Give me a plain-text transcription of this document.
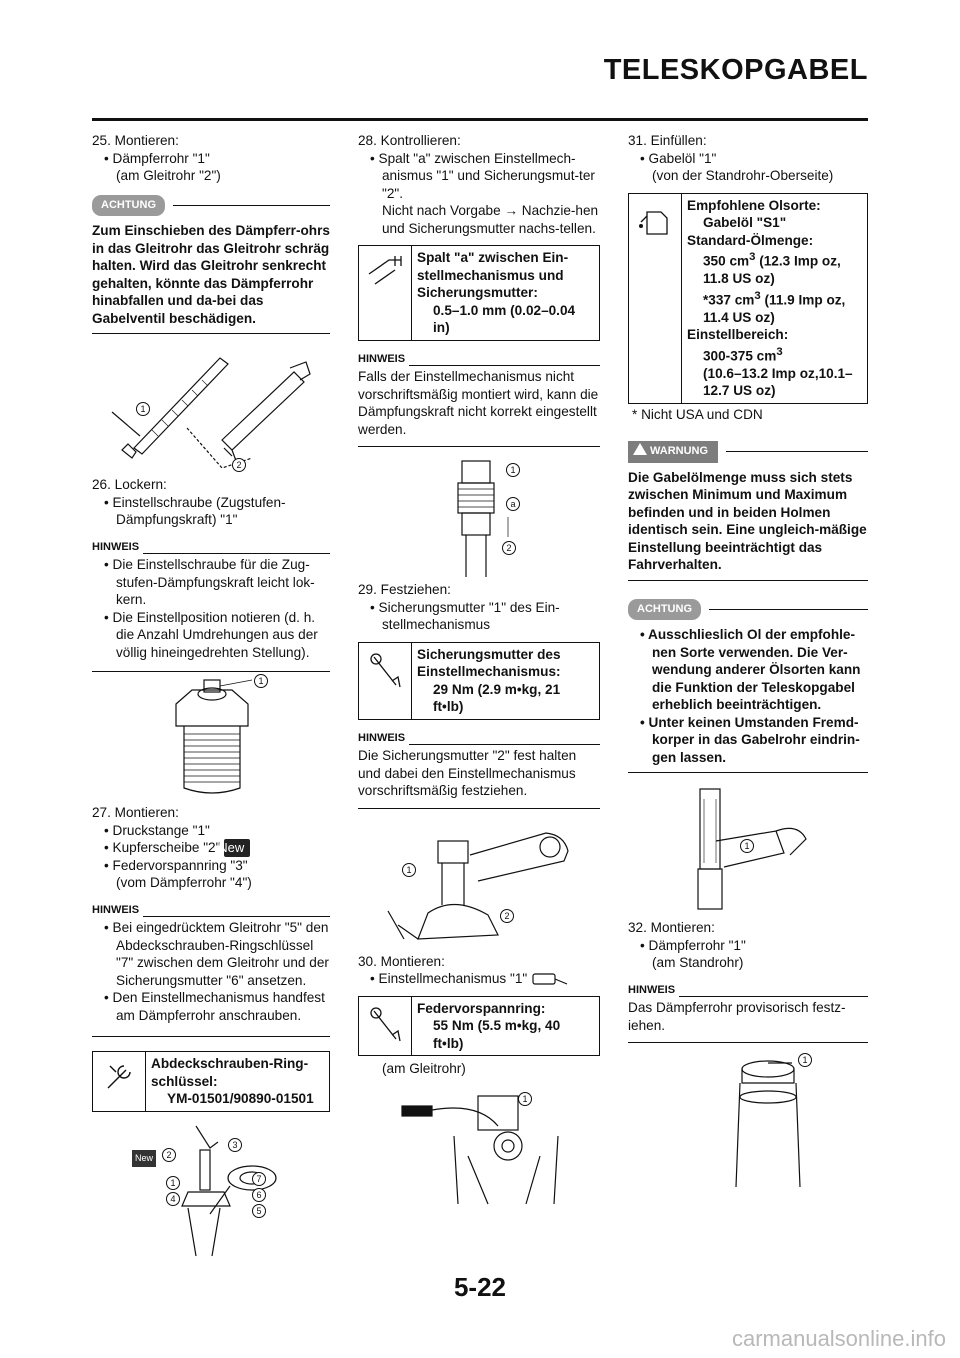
TELESKOPGABEL

25. Montieren:

• Dämpferrohr "1"

(am Gleitrohr "2")

ACHTUNG
Zum Einschieben des Dämpferr-ohrs in das Gleitrohr das Gleitrohr schräg halten. Wird das Gleitrohr senkrecht gehalten, könnte das Dämpferrohr hinabfallen und da-bei das Gabelventil beschädigen.
1
2

26. Lockern:

• Einstellschraube (Zugstufen-Dämpfungskraft) "1"

HINWEIS

• Die Einstellschraube für die Zug-stufen-Dämpfungskraft leicht lok-kern.

• Die Einstellposition notieren (d. h. die Anzahl Umdrehungen aus der völlig hineingedrehten Stellung).

1

27. Montieren:

• Druckstange "1"

• Kupferscheibe "2" New

• Federvorspannring "3"

(vom Dämpferrohr "4")

HINWEIS

• Bei eingedrücktem Gleitrohr "5" den Abdeckschrauben-Ringschlüssel "7" zwischen dem Gleitrohr und der Sicherungsmutter "6" ansetzen.

• Den Einstellmechanismus handfest am Dämpferrohr anschrauben.

Abdeckschrauben-Ring-schlüssel:
YM-01501/90890-01501
New	2
3
1	7
4	6
5

28. Kontrollieren:

• Spalt "a" zwischen Einstellmech-anismus "1" und Sicherungsmut-ter "2".

Nicht nach Vorgabe → Nachzie-hen und Sicherungsmutter nachs-tellen.

Spalt "a" zwischen Ein-stellmechanismus und Sicherungsmutter:
0.5–1.0 mm (0.02–0.04 in)
HINWEIS
Falls der Einstellmechanismus nicht vorschriftsmäßig montiert wird, kann die Dämpfungskraft nicht korrekt eingestellt werden.
1
a
2

29. Festziehen:

• Sicherungsmutter "1" des Ein-stellmechanismus

Sicherungsmutter des Einstellmechanismus:
29 Nm (2.9 m•kg, 21 ft•lb)
HINWEIS
Die Sicherungsmutter "2" fest halten und dabei den Einstellmechanismus vorschriftsmäßig festziehen.
1
2

30. Montieren:

• Einstellmechanismus "1"

Federvorspannring:
55 Nm (5.5 m•kg, 40 ft•lb)

(am Gleitrohr)

1

31. Einfüllen:

• Gabelöl "1"

(von der Standrohr-Oberseite)

Empfohlene Olsorte:
Gabelöl "S1"
Standard-Ölmenge:
350 $cm^3$ (12.3 Imp oz, 11.8 US oz)
*337 $cm^3$ (11.9 Imp oz, 11.4 US oz)
Einstellbereich:
300-375 $cm^3$
(10.6–13.2 Imp oz,10.1–12.7 US oz)

* Nicht USA und CDN

WARNUNG
Die Gabelölmenge muss sich stets zwischen Minimum und Maximum befinden und in beiden Holmen identisch sein. Eine ungleich-mäßige Einstellung beeinträchtigt das Fahrverhalten.
ACHTUNG

• Ausschlieslich Ol der empfohle-nen Sorte verwenden. Die Ver-wendung anderer Ölsorten kann die Funktion der Teleskopgabel erheblich beeinträchtigen.

• Unter keinen Umstanden Fremd-korper in das Gabelrohr eindrin-gen lassen.

1

32. Montieren:

• Dämpferrohr "1"

(am Standrohr)

HINWEIS
Das Dämpferrohr provisorisch festz-iehen.
1
5-22
carmanualsonline.info
